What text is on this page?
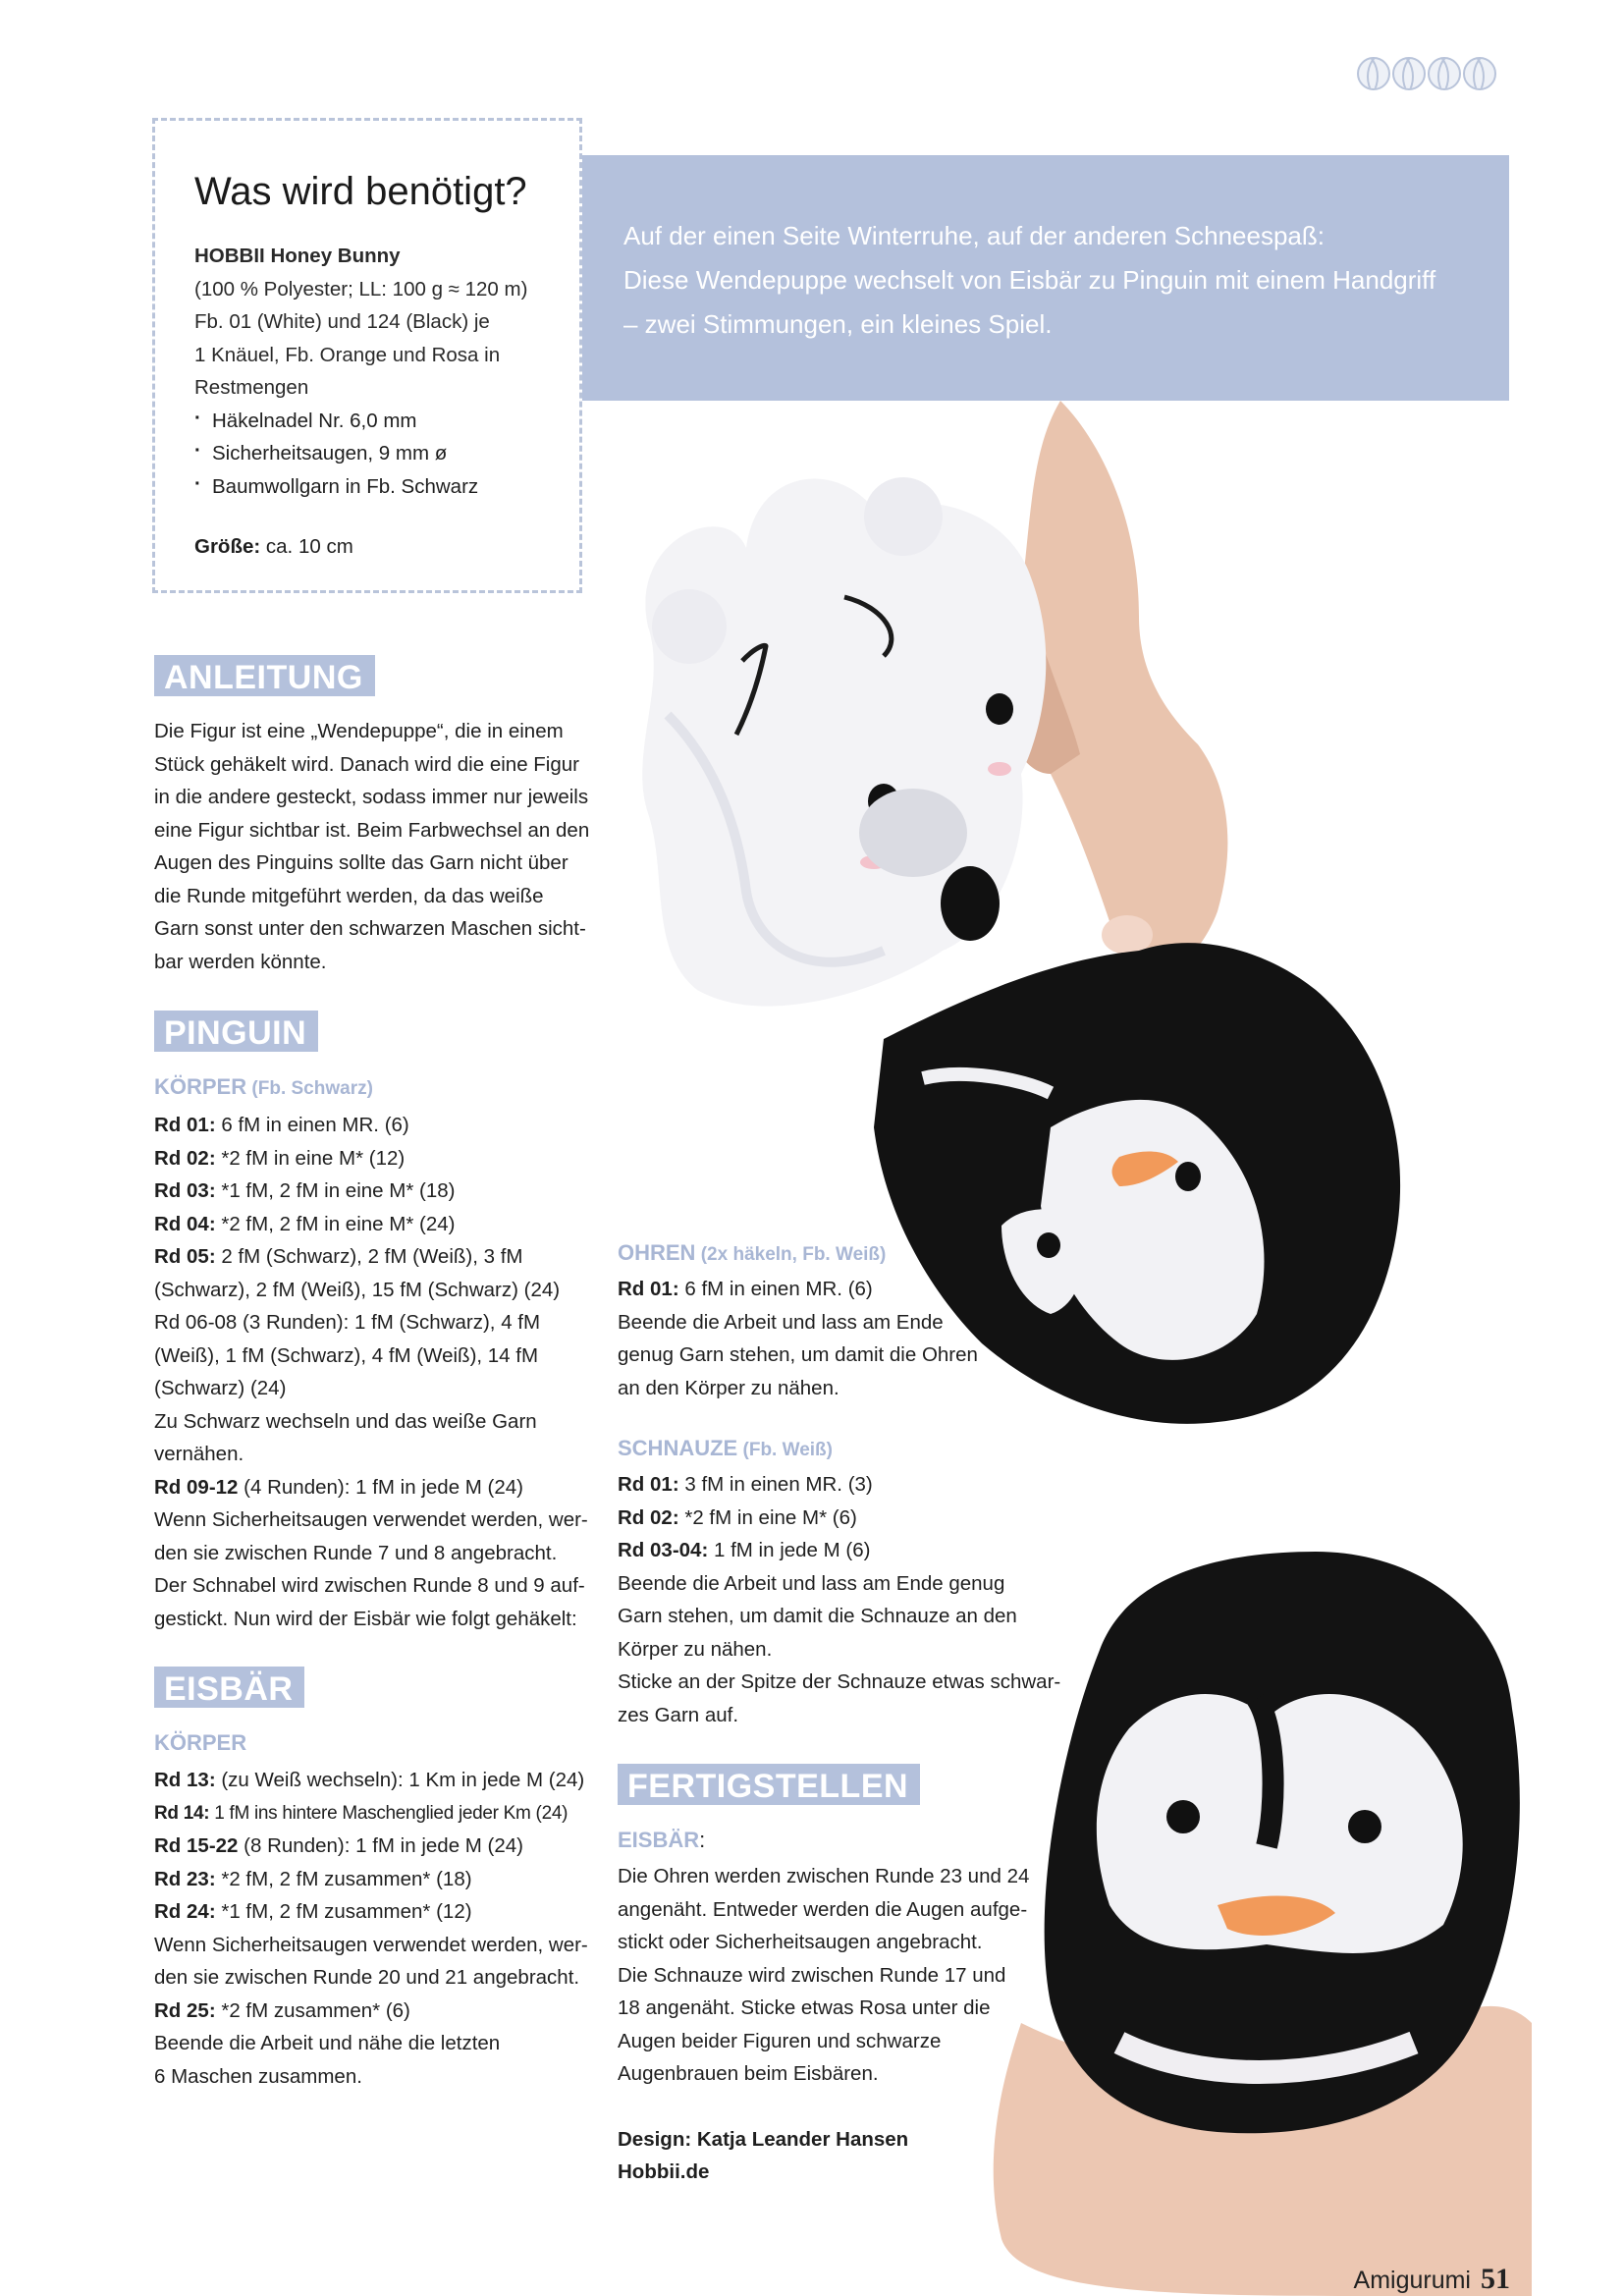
Was wird benötigt?
HOBBII Honey Bunny
(100 % Polyester; LL: 100 g ≈ 120 m)
Fb. 01 (White) und 124 (Black) je
1 Knäuel, Fb. Orange und Rosa in
Restmengen
· Häkelnadel Nr. 6,0 mm
· Sicherheitsaugen, 9 mm ø
· Baumwollgarn in Fb. Schwarz
Größe: ca. 10 cm

Auf der einen Seite Winterruhe, auf der anderen Schneespaß:

Diese Wendepuppe wechselt von Eisbär zu Pinguin mit einem Handgriff

– zwei Stimmungen, ein kleines Spiel.

ANLEITUNG
Die Figur ist eine „Wendepuppe“, die in einem
Stück gehäkelt wird. Danach wird die eine Figur
in die andere gesteckt, sodass immer nur jeweils
eine Figur sichtbar ist. Beim Farbwechsel an den
Augen des Pinguins sollte das Garn nicht über
die Runde mitgeführt werden, da das weiße
Garn sonst unter den schwarzen Maschen sicht-
bar werden könnte.
PINGUIN
KÖRPER (Fb. Schwarz)
Rd 01: 6 fM in einen MR. (6)
Rd 02: *2 fM in eine M* (12)
Rd 03: *1 fM, 2 fM in eine M* (18)
Rd 04: *2 fM, 2 fM in eine M* (24)
Rd 05: 2 fM (Schwarz), 2 fM (Weiß), 3 fM
(Schwarz), 2 fM (Weiß), 15 fM (Schwarz) (24)
Rd 06-08 (3 Runden): 1 fM (Schwarz), 4 fM
(Weiß), 1 fM (Schwarz), 4 fM (Weiß), 14 fM
(Schwarz) (24)
Zu Schwarz wechseln und das weiße Garn
vernähen.
Rd 09-12 (4 Runden): 1 fM in jede M (24)
Wenn Sicherheitsaugen verwendet werden, wer-
den sie zwischen Runde 7 und 8 angebracht.
Der Schnabel wird zwischen Runde 8 und 9 auf-
gestickt. Nun wird der Eisbär wie folgt gehäkelt:
EISBÄR
KÖRPER
Rd 13: (zu Weiß wechseln): 1 Km in jede M (24)
Rd 14: 1 fM ins hintere Maschenglied jeder Km (24)
Rd 15-22 (8 Runden): 1 fM in jede M (24)
Rd 23: *2 fM, 2 fM zusammen* (18)
Rd 24: *1 fM, 2 fM zusammen* (12)
Wenn Sicherheitsaugen verwendet werden, wer-
den sie zwischen Runde 20 und 21 angebracht.
Rd 25: *2 fM zusammen* (6)
Beende die Arbeit und nähe die letzten
6 Maschen zusammen.
OHREN (2x häkeln, Fb. Weiß)
Rd 01: 6 fM in einen MR. (6)
Beende die Arbeit und lass am Ende
genug Garn stehen, um damit die Ohren
an den Körper zu nähen.
SCHNAUZE (Fb. Weiß)
Rd 01: 3 fM in einen MR. (3)
Rd 02: *2 fM in eine M* (6)
Rd 03-04: 1 fM in jede M (6)
Beende die Arbeit und lass am Ende genug
Garn stehen, um damit die Schnauze an den
Körper zu nähen.
Sticke an der Spitze der Schnauze etwas schwar-
zes Garn auf.
FERTIGSTELLEN
EISBÄR:
Die Ohren werden zwischen Runde 23 und 24
angenäht. Entweder werden die Augen aufge-
stickt oder Sicherheitsaugen angebracht.
Die Schnauze wird zwischen Runde 17 und
18 angenäht. Sticke etwas Rosa unter die
Augen beider Figuren und schwarze
Augenbrauen beim Eisbären.
Design: Katja Leander Hansen
Hobbii.de
Amigurumi 51
